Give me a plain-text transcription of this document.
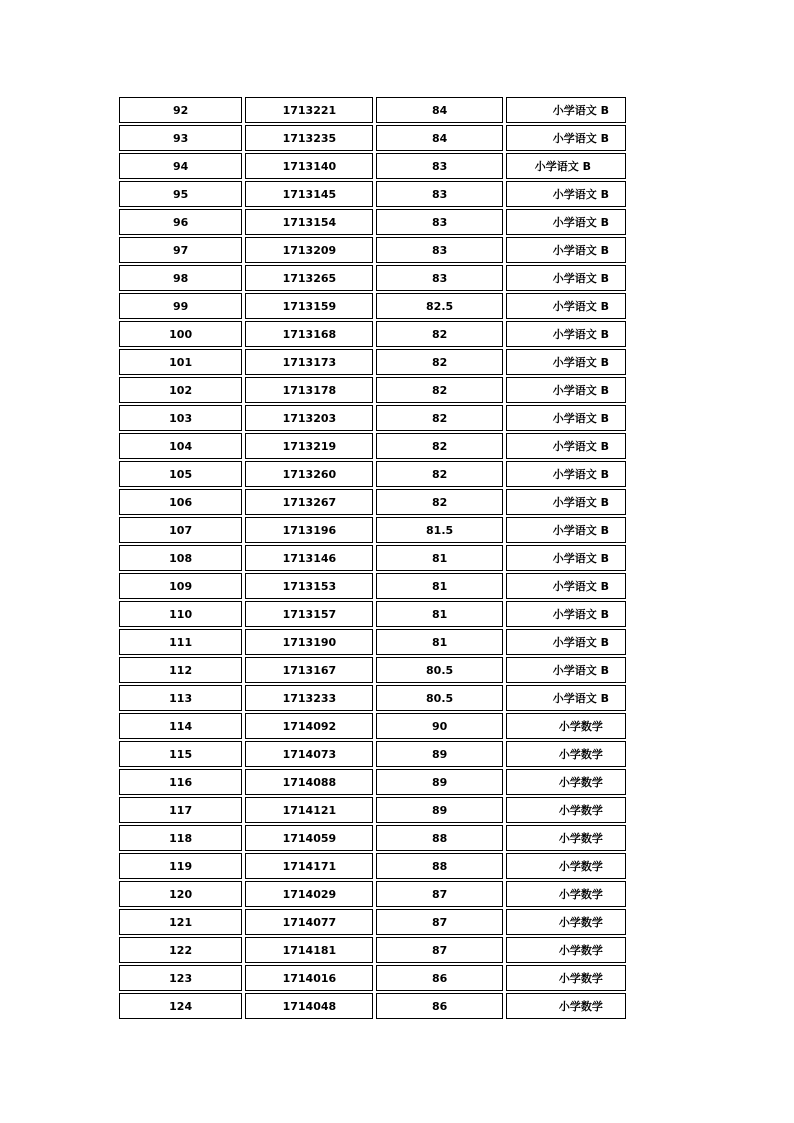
92	1713221	84	小学语文 B
93	1713235	84	小学语文 B
94	1713140	83	小学语文 B
95	1713145	83	小学语文 B
96	1713154	83	小学语文 B
97	1713209	83	小学语文 B
98	1713265	83	小学语文 B
99	1713159	82.5	小学语文 B
100	1713168	82	小学语文 B
101	1713173	82	小学语文 B
102	1713178	82	小学语文 B
103	1713203	82	小学语文 B
104	1713219	82	小学语文 B
105	1713260	82	小学语文 B
106	1713267	82	小学语文 B
107	1713196	81.5	小学语文 B
108	1713146	81	小学语文 B
109	1713153	81	小学语文 B
110	1713157	81	小学语文 B
111	1713190	81	小学语文 B
112	1713167	80.5	小学语文 B
113	1713233	80.5	小学语文 B
114	1714092	90	小学数学
115	1714073	89	小学数学
116	1714088	89	小学数学
117	1714121	89	小学数学
118	1714059	88	小学数学
119	1714171	88	小学数学
120	1714029	87	小学数学
121	1714077	87	小学数学
122	1714181	87	小学数学
123	1714016	86	小学数学
124	1714048	86	小学数学
